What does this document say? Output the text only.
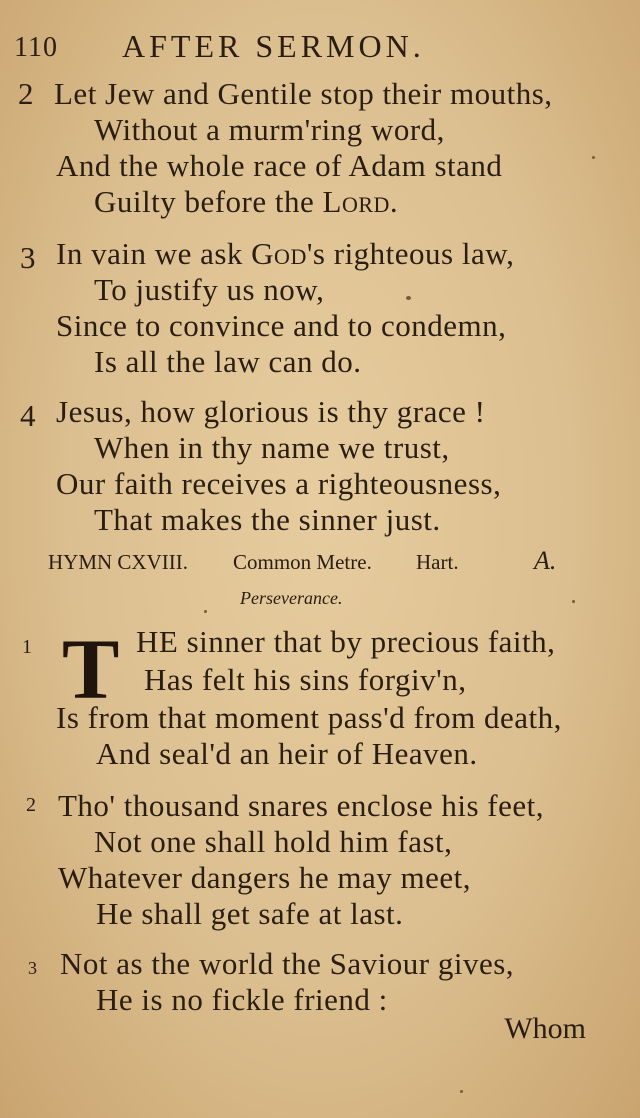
110 AFTER SERMON.
2 Let Jew and Gentile stop their mouths,
Without a murm'ring word,
And the whole race of Adam stand
Guilty before the Lord.
3 In vain we ask God's righteous law,
To justify us now,
Since to convince and to condemn,
Is all the law can do.
4 Jesus, how glorious is thy grace !
When in thy name we trust,
Our faith receives a righteousness,
That makes the sinner just.
HYMN CXVIII. Common Metre. Hart.	A.
Perseverance.
1 T HE sinner that by precious faith,
Has felt his sins forgiv'n,
Is from that moment pass'd from death,
And seal'd an heir of Heaven.
2 Tho' thousand snares enclose his feet,
Not one shall hold him fast,
Whatever dangers he may meet,
He shall get safe at last.
3 Not as the world the Saviour gives,
He is no fickle friend :
Whom
